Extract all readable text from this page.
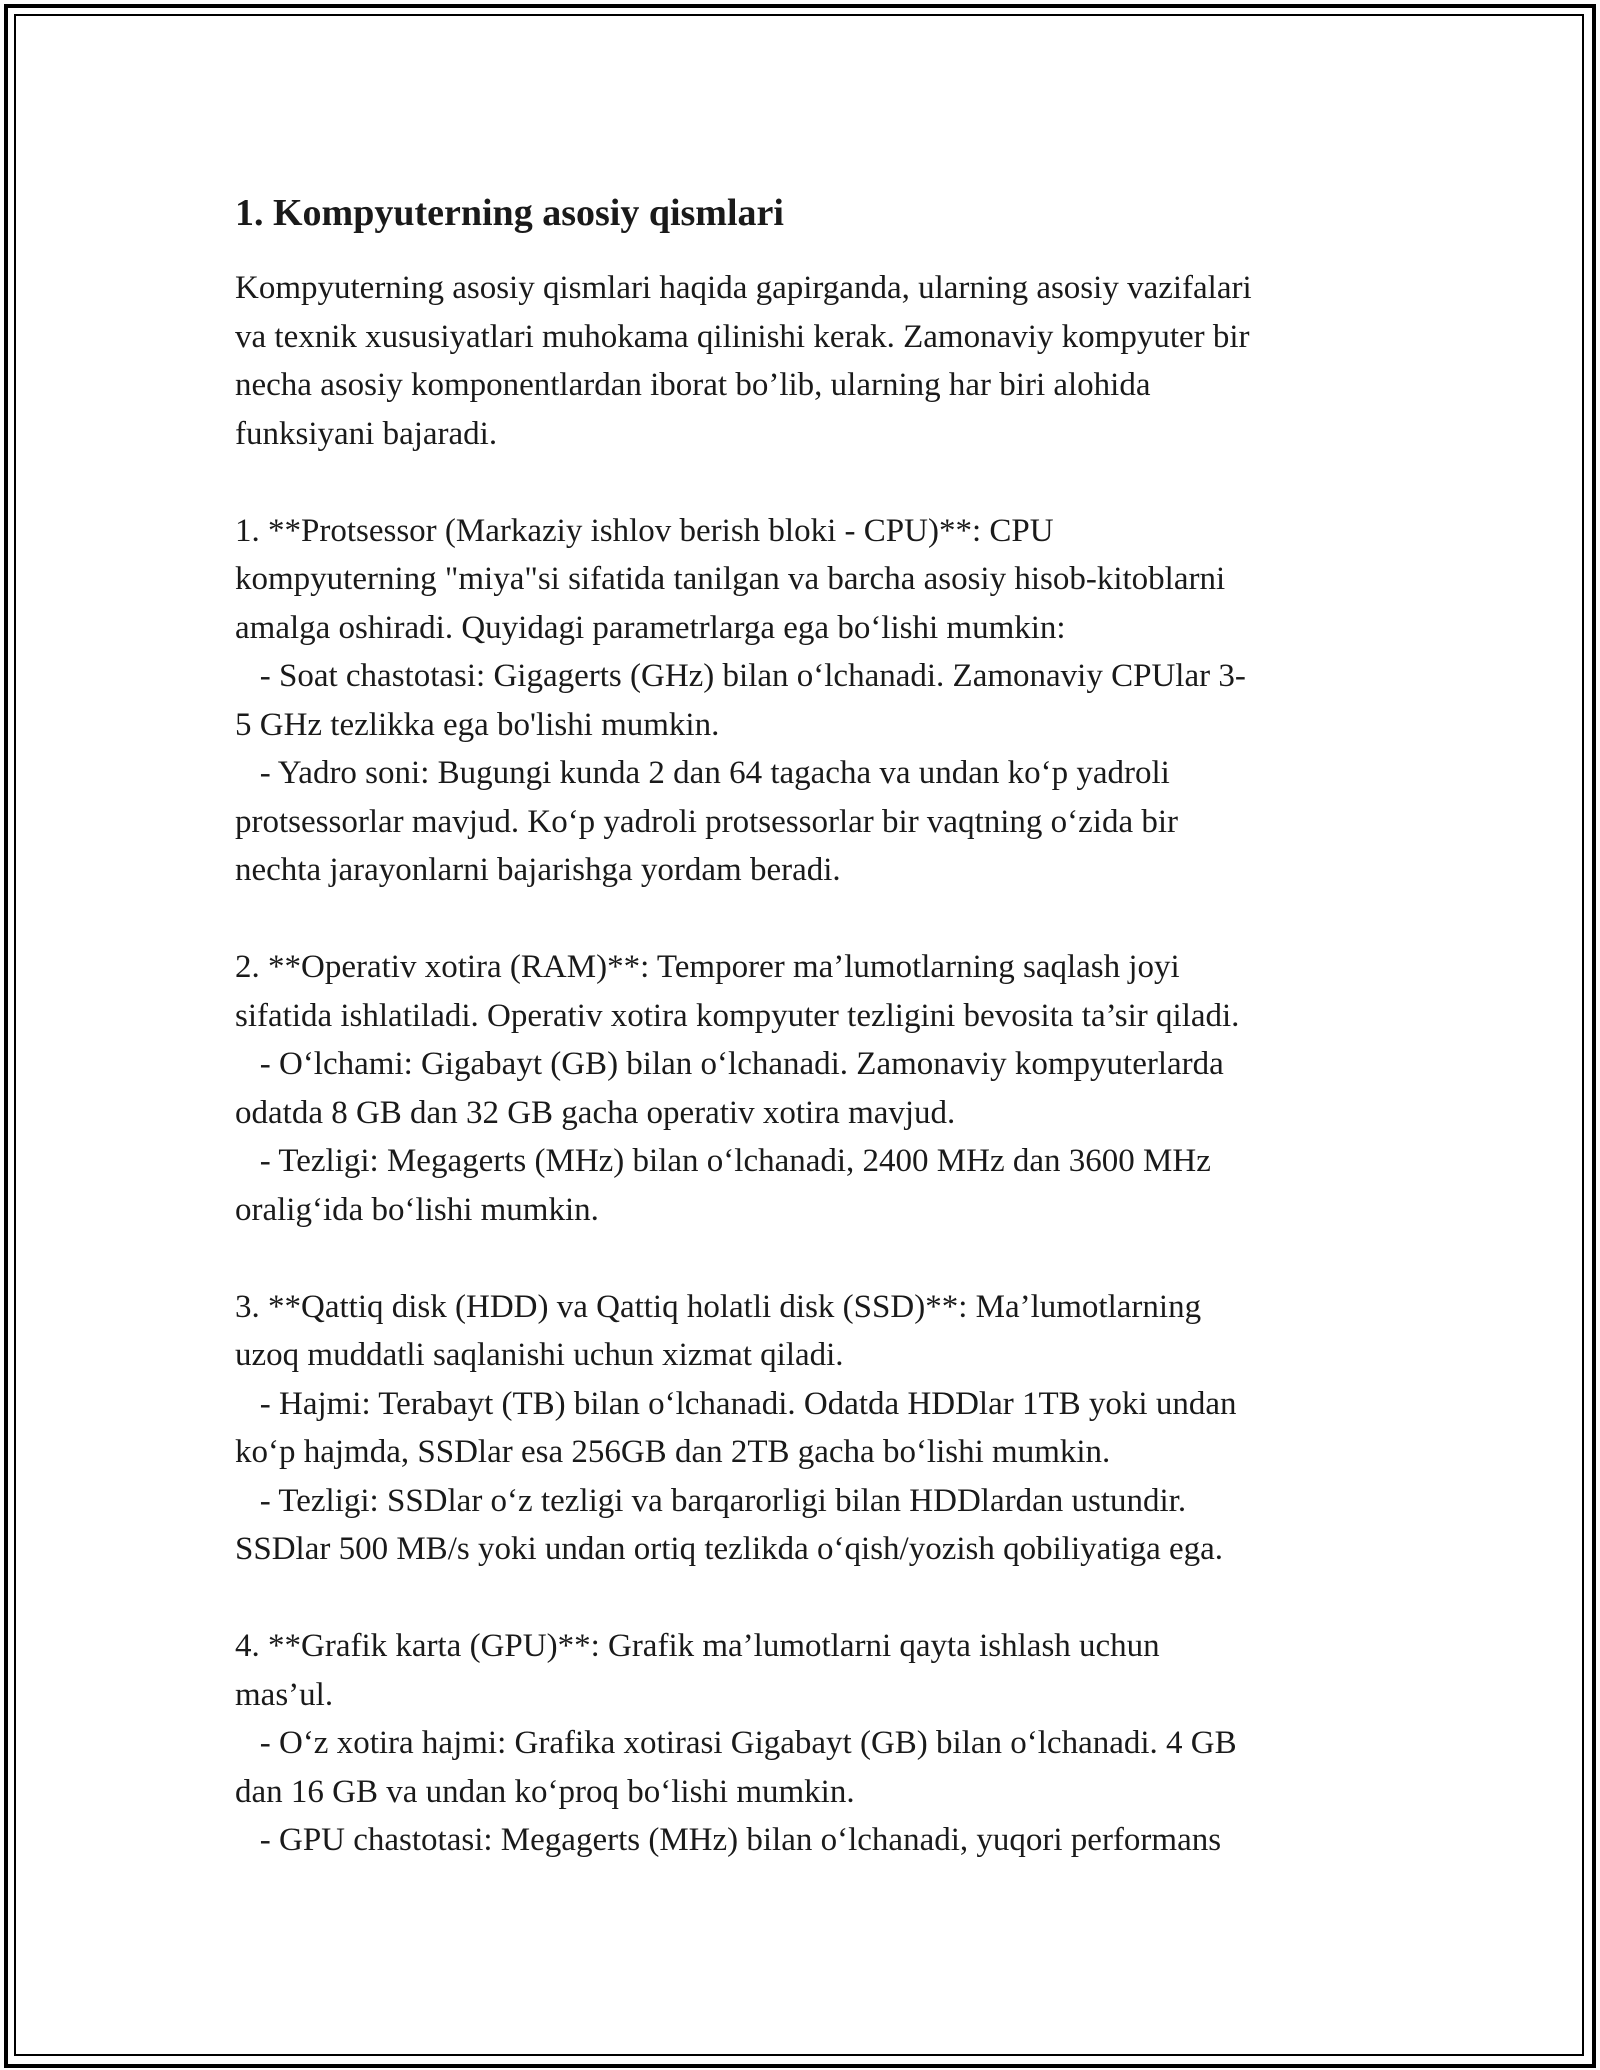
1. Kompyuterning asosiy qismlari
Kompyuterning asosiy qismlari haqida gapirganda, ularning asosiy vazifalari
va texnik xususiyatlari muhokama qilinishi kerak. Zamonaviy kompyuter bir
necha asosiy komponentlardan iborat bo’lib, ularning har biri alohida
funksiyani bajaradi.
1. **Protsessor (Markaziy ishlov berish bloki - CPU)**: CPU
kompyuterning "miya"si sifatida tanilgan va barcha asosiy hisob-kitoblarni
amalga oshiradi. Quyidagi parametrlarga ega boʻlishi mumkin:
- Soat chastotasi: Gigagerts (GHz) bilan oʻlchanadi. Zamonaviy CPUlar 3-
5 GHz tezlikka ega bo'lishi mumkin.
- Yadro soni: Bugungi kunda 2 dan 64 tagacha va undan koʻp yadroli
protsessorlar mavjud. Koʻp yadroli protsessorlar bir vaqtning oʻzida bir
nechta jarayonlarni bajarishga yordam beradi.
2. **Operativ xotira (RAM)**: Temporer ma’lumotlarning saqlash joyi
sifatida ishlatiladi. Operativ xotira kompyuter tezligini bevosita ta’sir qiladi.
- Oʻlchami: Gigabayt (GB) bilan oʻlchanadi. Zamonaviy kompyuterlarda
odatda 8 GB dan 32 GB gacha operativ xotira mavjud.
- Tezligi: Megagerts (MHz) bilan oʻlchanadi, 2400 MHz dan 3600 MHz
oraligʻida boʻlishi mumkin.
3. **Qattiq disk (HDD) va Qattiq holatli disk (SSD)**: Ma’lumotlarning
uzoq muddatli saqlanishi uchun xizmat qiladi.
- Hajmi: Terabayt (TB) bilan oʻlchanadi. Odatda HDDlar 1TB yoki undan
koʻp hajmda, SSDlar esa 256GB dan 2TB gacha boʻlishi mumkin.
- Tezligi: SSDlar oʻz tezligi va barqarorligi bilan HDDlardan ustundir.
SSDlar 500 MB/s yoki undan ortiq tezlikda oʻqish/yozish qobiliyatiga ega.
4. **Grafik karta (GPU)**: Grafik ma’lumotlarni qayta ishlash uchun
mas’ul.
- Oʻz xotira hajmi: Grafika xotirasi Gigabayt (GB) bilan oʻlchanadi. 4 GB
dan 16 GB va undan koʻproq boʻlishi mumkin.
- GPU chastotasi: Megagerts (MHz) bilan oʻlchanadi, yuqori performans
